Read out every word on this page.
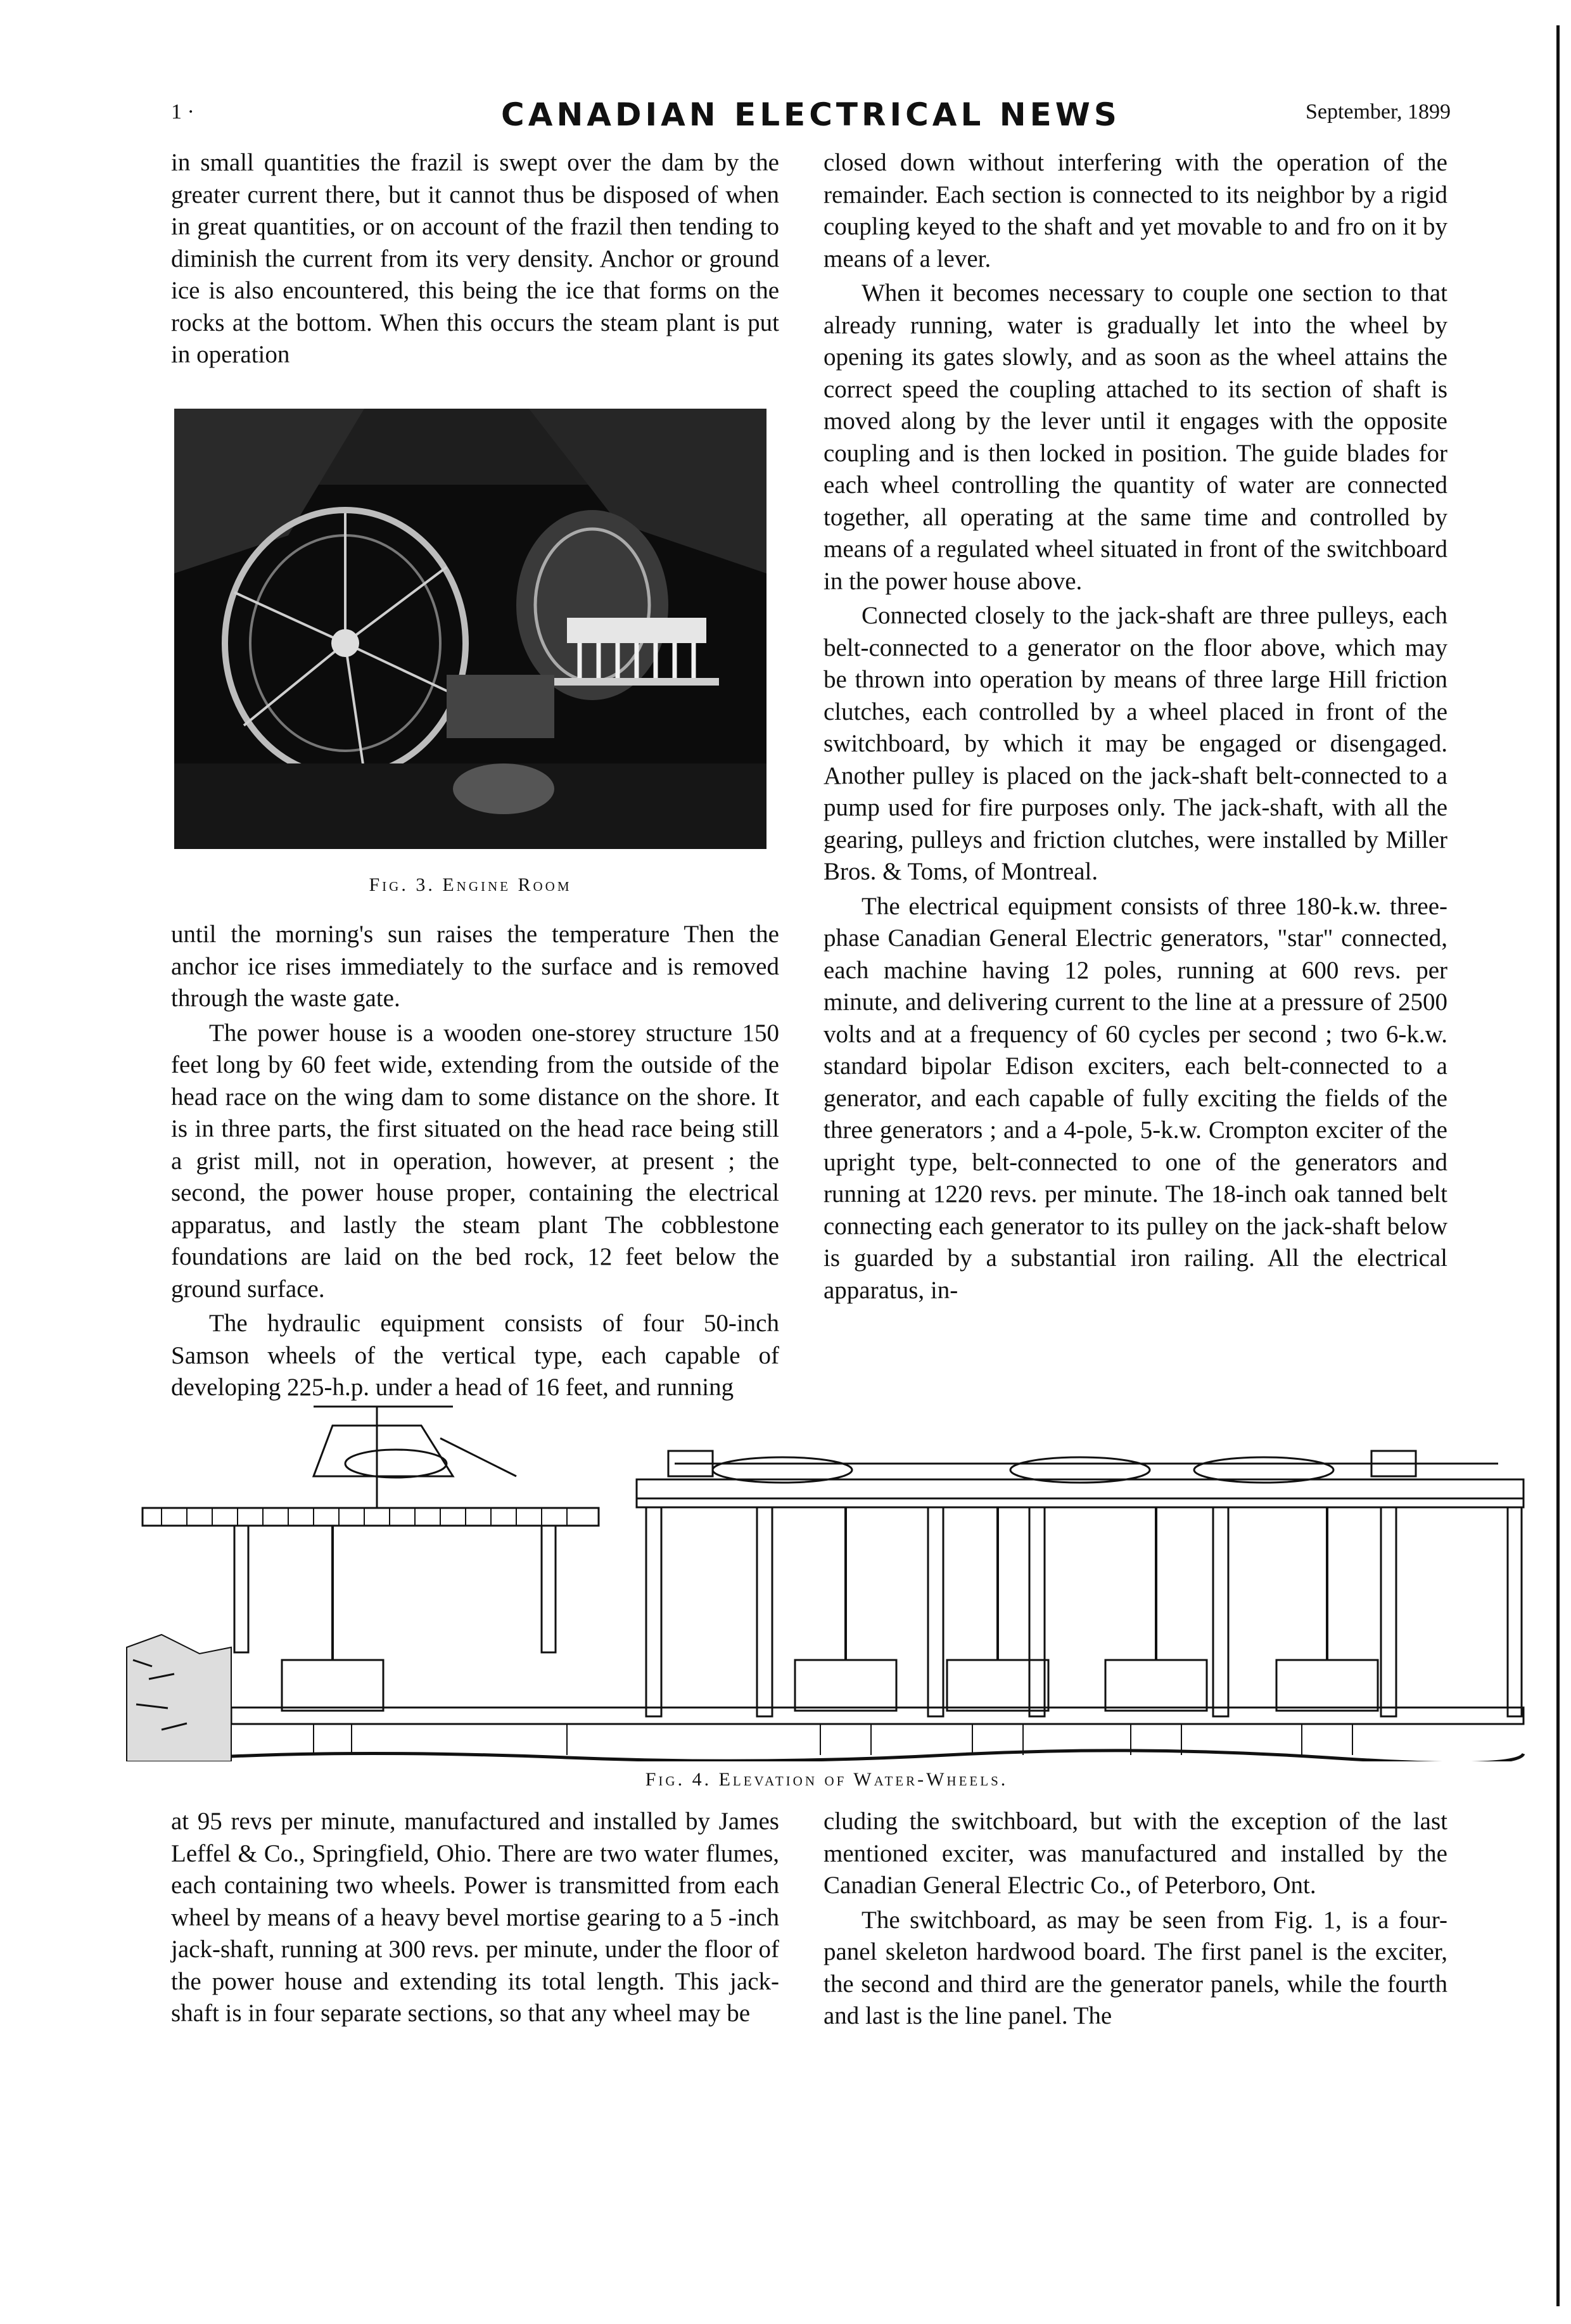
1 ·	CANADIAN ELECTRICAL NEWS	September, 1899

in small quantities the frazil is swept over the dam by the greater current there, but it cannot thus be disposed of when in great quantities, or on account of the frazil then tending to diminish the current from its very density. Anchor or ground ice is also encountered, this being the ice that forms on the rocks at the bottom. When this occurs the steam plant is put in operation

Fig. 3. Engine Room

until the morning's sun raises the temperature Then the anchor ice rises immediately to the surface and is removed through the waste gate.

The power house is a wooden one-storey structure 150 feet long by 60 feet wide, extending from the outside of the head race on the wing dam to some distance on the shore. It is in three parts, the first situated on the head race being still a grist mill, not in operation, however, at present ; the second, the power house proper, containing the electrical apparatus, and lastly the steam plant The cobblestone foundations are laid on the bed rock, 12 feet below the ground surface.

The hydraulic equipment consists of four 50-inch Samson wheels of the vertical type, each capable of developing 225-h.p. under a head of 16 feet, and running

closed down without interfering with the operation of the remainder. Each section is connected to its neighbor by a rigid coupling keyed to the shaft and yet movable to and fro on it by means of a lever.

When it becomes necessary to couple one section to that already running, water is gradually let into the wheel by opening its gates slowly, and as soon as the wheel attains the correct speed the coupling attached to its section of shaft is moved along by the lever until it engages with the opposite coupling and is then locked in position. The guide blades for each wheel controlling the quantity of water are connected together, all operating at the same time and controlled by means of a regulated wheel situated in front of the switchboard in the power house above.

Connected closely to the jack-shaft are three pulleys, each belt-connected to a generator on the floor above, which may be thrown into operation by means of three large Hill friction clutches, each controlled by a wheel placed in front of the switchboard, by which it may be engaged or disengaged. Another pulley is placed on the jack-shaft belt-connected to a pump used for fire purposes only. The jack-shaft, with all the gearing, pulleys and friction clutches, were installed by Miller Bros. & Toms, of Montreal.

The electrical equipment consists of three 180-k.w. three-phase Canadian General Electric generators, "star" connected, each machine having 12 poles, running at 600 revs. per minute, and delivering current to the line at a pressure of 2500 volts and at a frequency of 60 cycles per second ; two 6-k.w. standard bipolar Edison exciters, each belt-connected to a generator, and each capable of fully exciting the fields of the three generators ; and a 4-pole, 5-k.w. Crompton exciter of the upright type, belt-connected to one of the generators and running at 1220 revs. per minute. The 18-inch oak tanned belt connecting each generator to its pulley on the jack-shaft below is guarded by a substantial iron railing. All the electrical apparatus, in-

Fig. 4. Elevation of Water-Wheels.

at 95 revs per minute, manufactured and installed by James Leffel & Co., Springfield, Ohio. There are two water flumes, each containing two wheels. Power is transmitted from each wheel by means of a heavy bevel mortise gearing to a 5 -inch jack-shaft, running at 300 revs. per minute, under the floor of the power house and extending its total length. This jack-shaft is in four separate sections, so that any wheel may be

cluding the switchboard, but with the exception of the last mentioned exciter, was manufactured and installed by the Canadian General Electric Co., of Peterboro, Ont.

The switchboard, as may be seen from Fig. 1, is a four-panel skeleton hardwood board. The first panel is the exciter, the second and third are the generator panels, while the fourth and last is the line panel. The
